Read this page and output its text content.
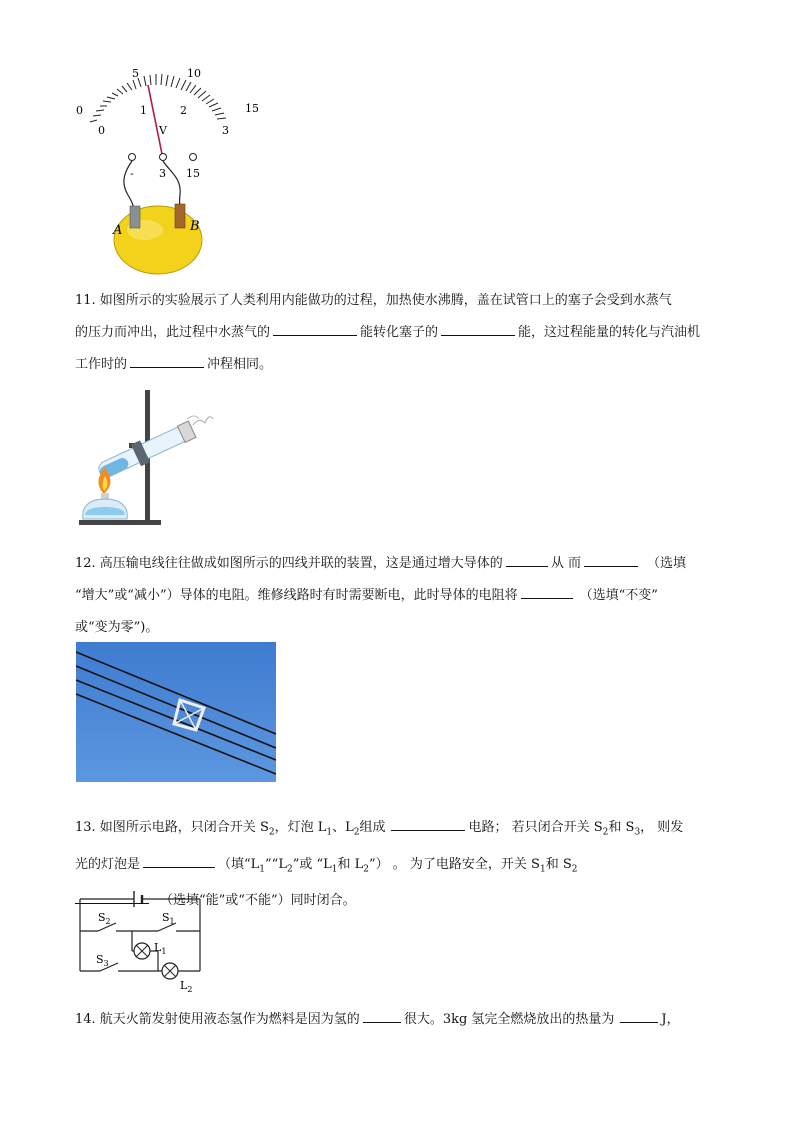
0
5	10
15
0
1	2
3
V
- 3 15
A	B
11. 如图所示的实验展示了人类利用内能做功的过程，加热使水沸腾，盖在试管口上的塞子会受到水蒸气
的压力而冲出，此过程中水蒸气的	能转化塞子的	能，这过程能量的转化与汽油机
工作时的	冲程相同。
12. 高压输电线往往做成如图所示的四线并联的装置，这是通过增大导体的	从 而	（选填
“增大”或“减小”）导体的电阻。维修线路时有时需要断电，此时导体的电阻将	（选填“不变”
或“变为零”)。
13. 如图所示电路，只闭合开关 $S_2$，灯泡 $L_1$、$L_2$组成	电路； 若只闭合开关 $S_2$和 $S_3$， 则发
光的灯泡是	（填“$L_1”“L_2$”或 “$L_1$和 $L_2$”） 。 为了电路安全，开关 $S_1$和 $S_2$
（选填“能”或“不能”）同时闭合。
$S_2$	$S_1$
$S_3$
$L_1$
$L_2$
14. 航天火箭发射使用液态氢作为燃料是因为氢的	很大。3kg 氢完全燃烧放出的热量为	J，
